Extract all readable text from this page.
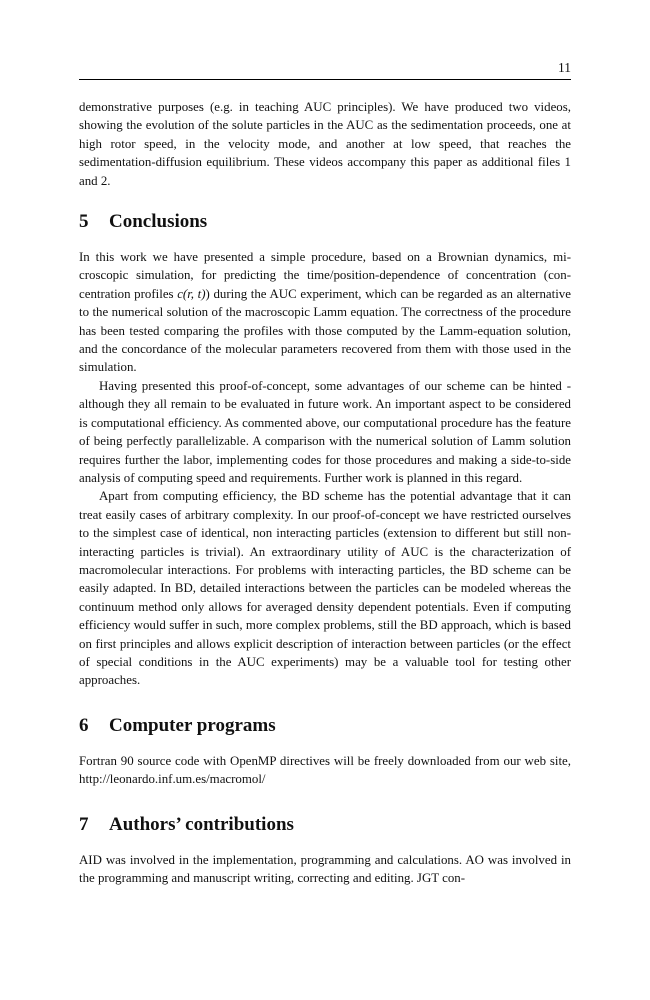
11

demonstrative purposes (e.g. in teaching AUC principles). We have produced two videos, showing the evolution of the solute particles in the AUC as the sedimentation proceeds, one at high rotor speed, in the velocity mode, and another at low speed, that reaches the sedimentation-diffusion equilibrium. These videos accompany this paper as additional files 1 and 2.

5	Conclusions

In this work we have presented a simple procedure, based on a Brownian dynamics, microscopic simulation, for predicting the time/position-dependence of concentration (concentration profiles c(r, t)) during the AUC experiment, which can be regarded as an alternative to the numerical solution of the macroscopic Lamm equation. The correctness of the procedure has been tested comparing the profiles with those computed by the Lamm-equation solution, and the concordance of the molecular parameters recovered from them with those used in the simulation.

Having presented this proof-of-concept, some advantages of our scheme can be hinted - although they all remain to be evaluated in future work. An important aspect to be considered is computational efficiency. As commented above, our computational procedure has the feature of being perfectly parallelizable. A comparison with the numerical solution of Lamm solution requires further the labor, implementing codes for those procedures and making a side-to-side analysis of computing speed and requirements. Further work is planned in this regard.

Apart from computing efficiency, the BD scheme has the potential advantage that it can treat easily cases of arbitrary complexity. In our proof-of-concept we have restricted ourselves to the simplest case of identical, non interacting particles (extension to different but still non-interacting particles is trivial). An extraordinary utility of AUC is the characterization of macromolecular interactions. For problems with interacting particles, the BD scheme can be easily adapted. In BD, detailed interactions between the particles can be modeled whereas the continuum method only allows for averaged density dependent potentials. Even if computing efficiency would suffer in such, more complex problems, still the BD approach, which is based on first principles and allows explicit description of interaction between particles (or the effect of special conditions in the AUC experiments) may be a valuable tool for testing other approaches.

6	Computer programs

Fortran 90 source code with OpenMP directives will be freely downloaded from our web site, http://leonardo.inf.um.es/macromol/

7	Authors’ contributions

AID was involved in the implementation, programming and calculations. AO was involved in the programming and manuscript writing, correcting and editing. JGT con-
